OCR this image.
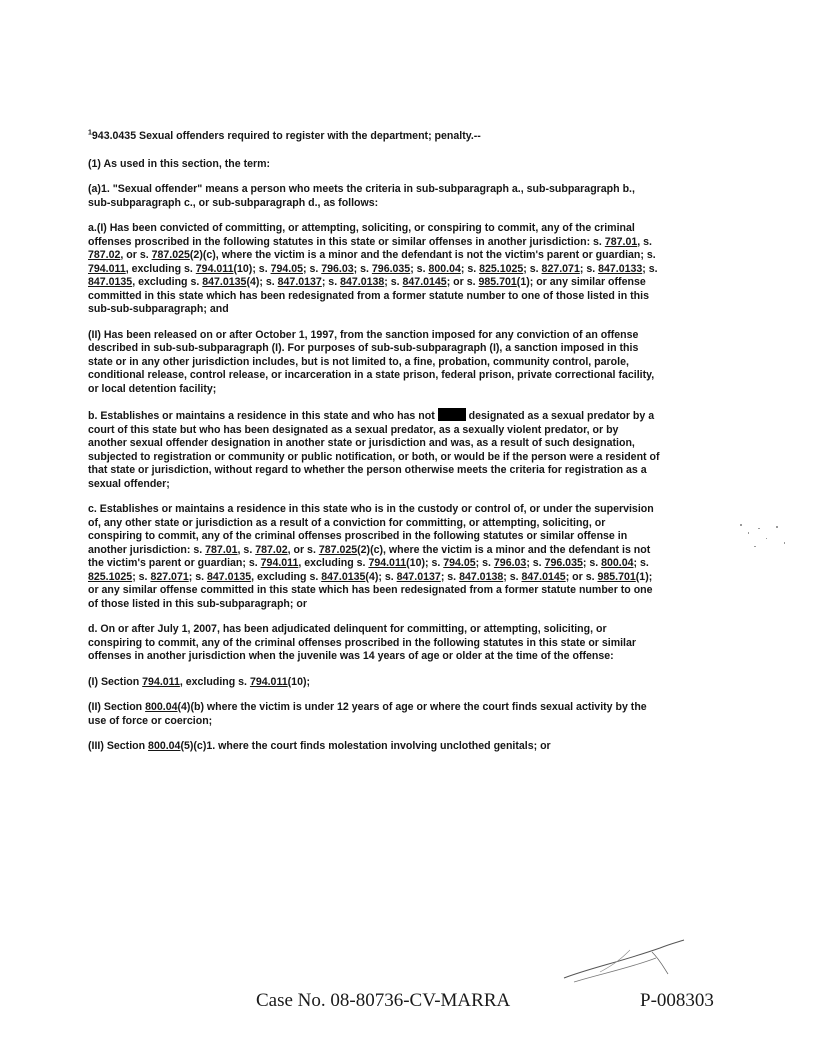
$^1$943.0435 Sexual offenders required to register with the department; penalty.--

(1) As used in this section, the term:

(a)1. "Sexual offender" means a person who meets the criteria in sub-subparagraph a., sub-subparagraph b., sub-subparagraph c., or sub-subparagraph d., as follows:

a.(I) Has been convicted of committing, or attempting, soliciting, or conspiring to commit, any of the criminal offenses proscribed in the following statutes in this state or similar offenses in another jurisdiction: s. 787.01, s. 787.02, or s. 787.025(2)(c), where the victim is a minor and the defendant is not the victim's parent or guardian; s. 794.011, excluding s. 794.011(10); s. 794.05; s. 796.03; s. 796.035; s. 800.04; s. 825.1025; s. 827.071; s. 847.0133; s. 847.0135, excluding s. 847.0135(4); s. 847.0137; s. 847.0138; s. 847.0145; or s. 985.701(1); or any similar offense committed in this state which has been redesignated from a former statute number to one of those listed in this sub-sub-subparagraph; and

(II) Has been released on or after October 1, 1997, from the sanction imposed for any conviction of an offense described in sub-sub-subparagraph (I). For purposes of sub-sub-subparagraph (I), a sanction imposed in this state or in any other jurisdiction includes, but is not limited to, a fine, probation, community control, parole, conditional release, control release, or incarceration in a state prison, federal prison, private correctional facility, or local detention facility;

b. Establishes or maintains a residence in this state and who has not	designated as a sexual predator by a court of this state but who has been designated as a sexual predator, as a sexually violent predator, or by another sexual offender designation in another state or jurisdiction and was, as a result of such designation, subjected to registration or community or public notification, or both, or would be if the person were a resident of that state or jurisdiction, without regard to whether the person otherwise meets the criteria for registration as a sexual offender;

c. Establishes or maintains a residence in this state who is in the custody or control of, or under the supervision of, any other state or jurisdiction as a result of a conviction for committing, or attempting, soliciting, or conspiring to commit, any of the criminal offenses proscribed in the following statutes or similar offense in another jurisdiction: s. 787.01, s. 787.02, or s. 787.025(2)(c), where the victim is a minor and the defendant is not the victim's parent or guardian; s. 794.011, excluding s. 794.011(10); s. 794.05; s. 796.03; s. 796.035; s. 800.04; s. 825.1025; s. 827.071; s. 847.0135, excluding s. 847.0135(4); s. 847.0137; s. 847.0138; s. 847.0145; or s. 985.701(1); or any similar offense committed in this state which has been redesignated from a former statute number to one of those listed in this sub-subparagraph; or

d. On or after July 1, 2007, has been adjudicated delinquent for committing, or attempting, soliciting, or conspiring to commit, any of the criminal offenses proscribed in the following statutes in this state or similar offenses in another jurisdiction when the juvenile was 14 years of age or older at the time of the offense:

(I) Section 794.011, excluding s. 794.011(10);

(II) Section 800.04(4)(b) where the victim is under 12 years of age or where the court finds sexual activity by the use of force or coercion;

(III) Section 800.04(5)(c)1. where the court finds molestation involving unclothed genitals; or

Case No. 08-80736-CV-MARRA	P-008303
